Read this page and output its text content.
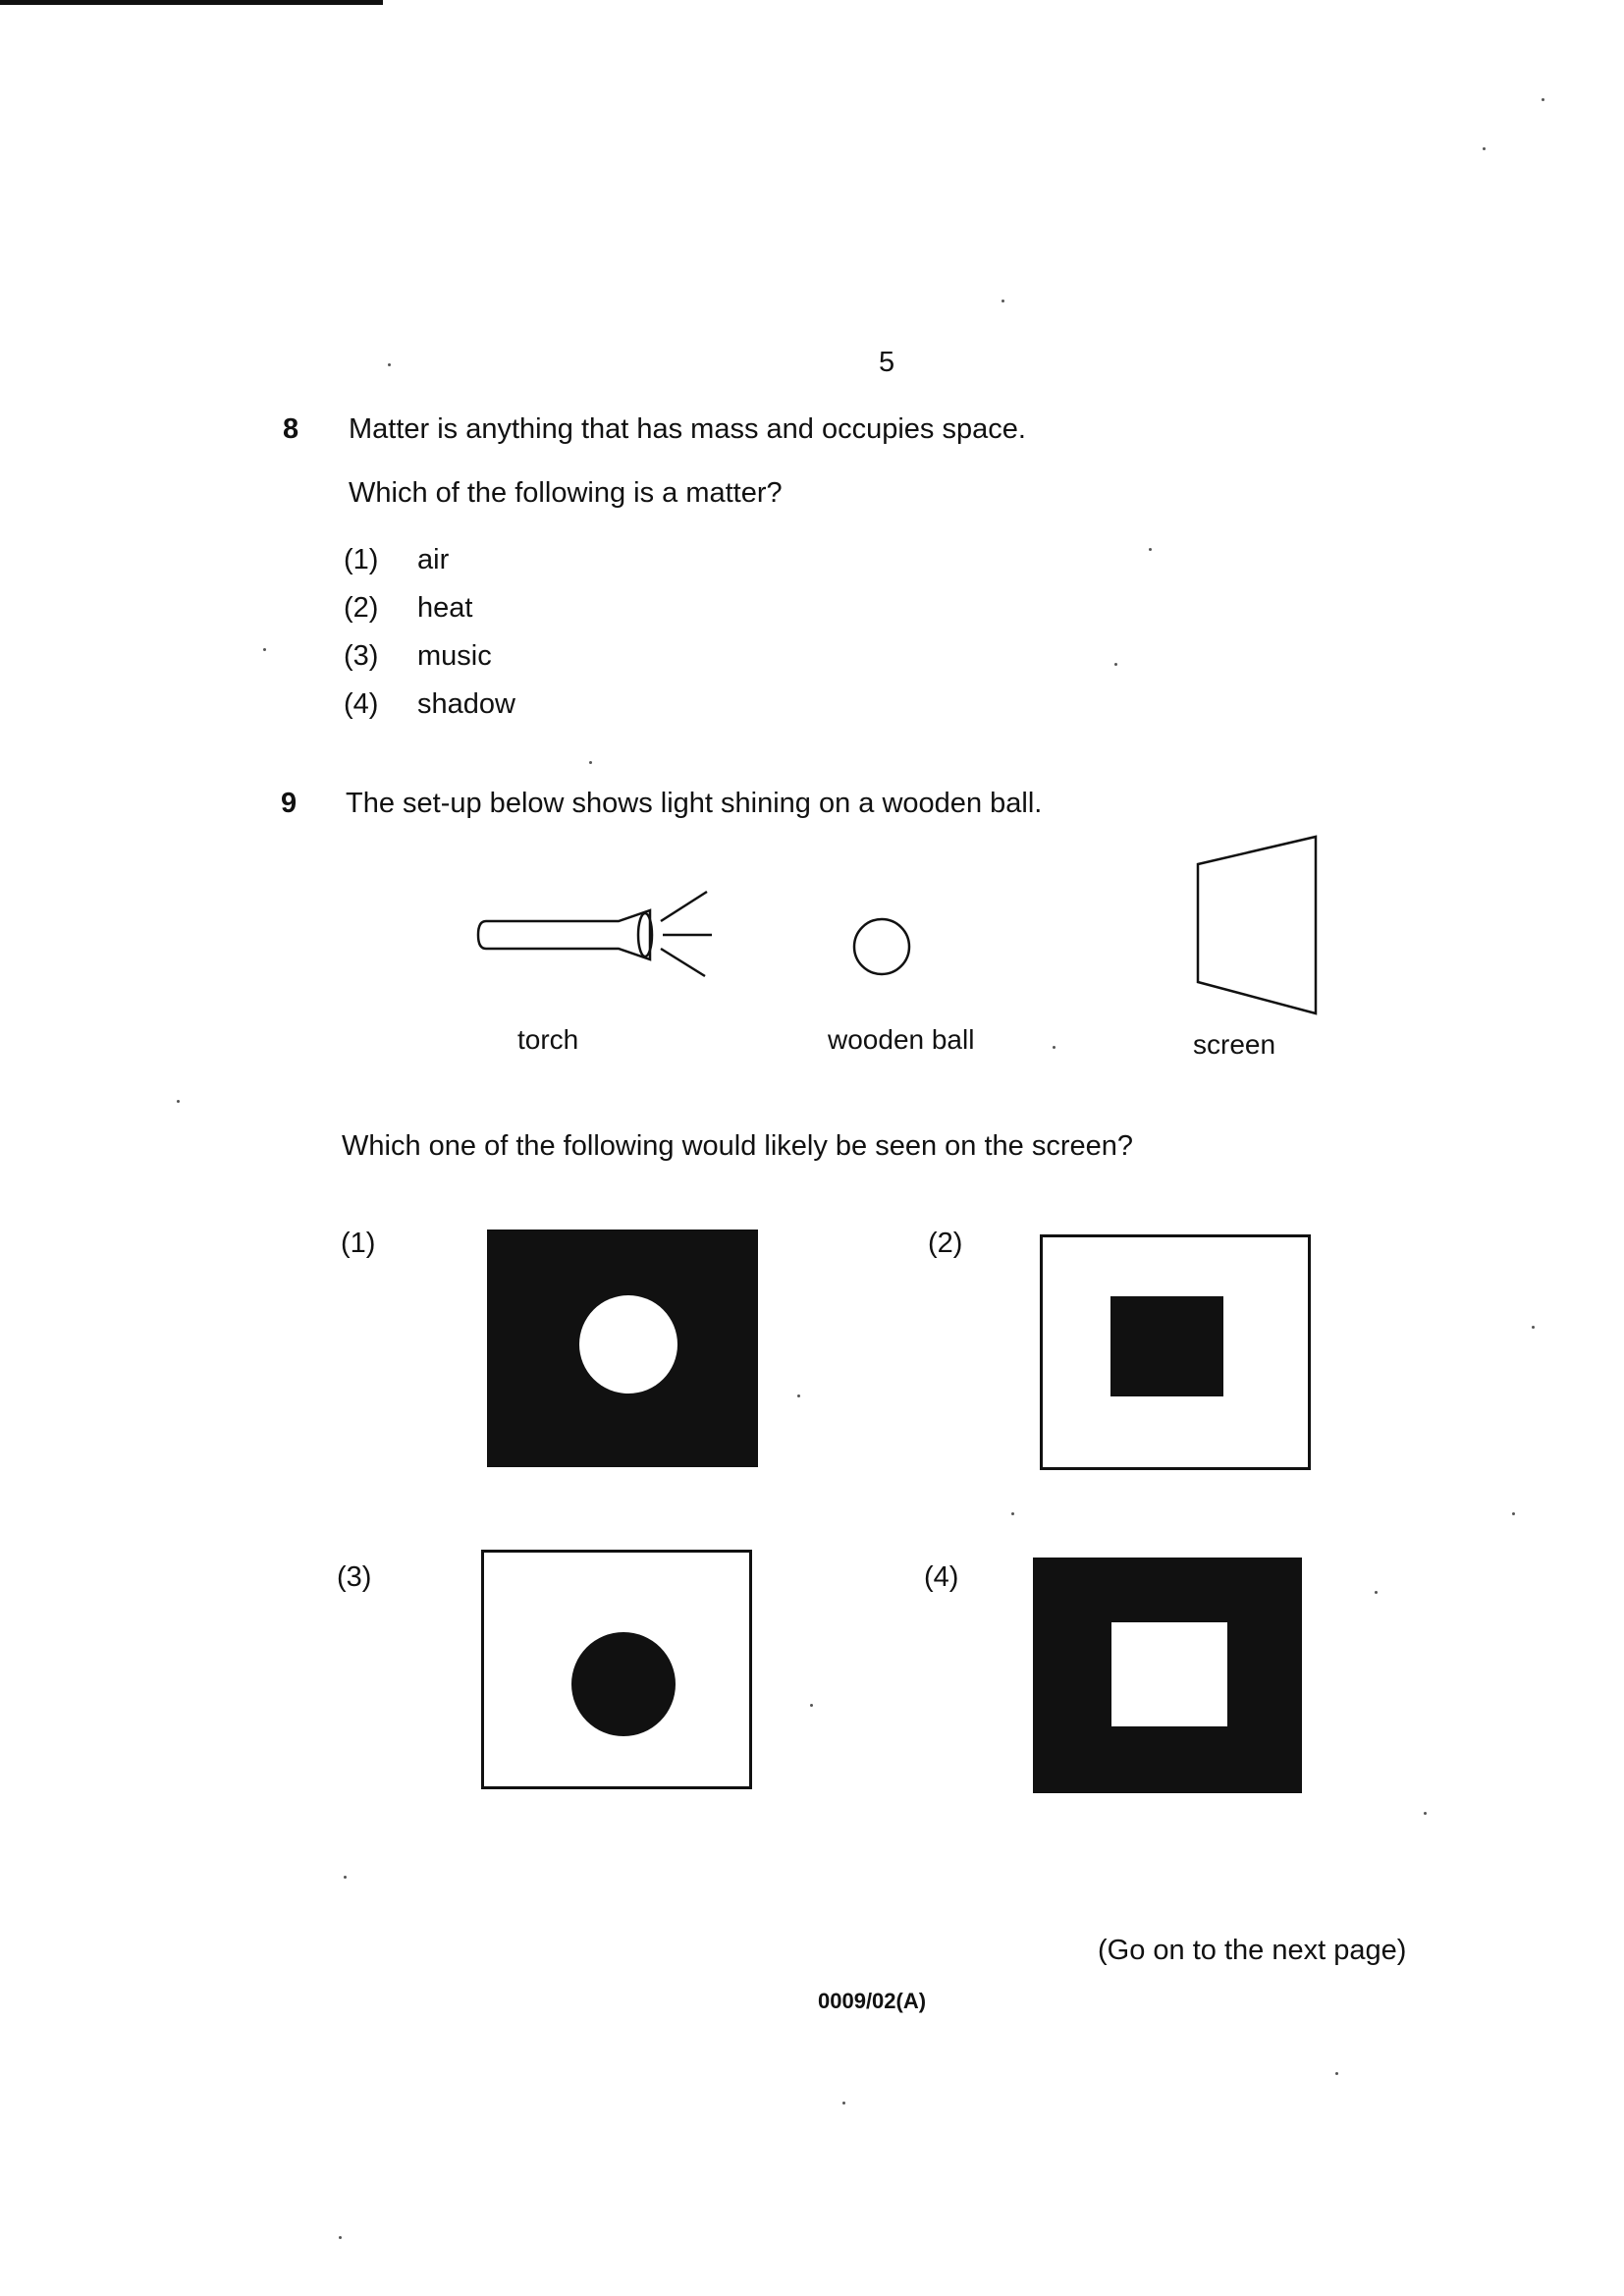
5
8 Matter is anything that has mass and occupies space.
Which of the following is a matter?
(1) air
(2) heat
(3) music
(4) shadow
9 The set-up below shows light shining on a wooden ball.
torch	wooden ball	screen
Which one of the following would likely be seen on the screen?
(1)	(2)
(3)	(4)
(Go on to the next page)
0009/02(A)
